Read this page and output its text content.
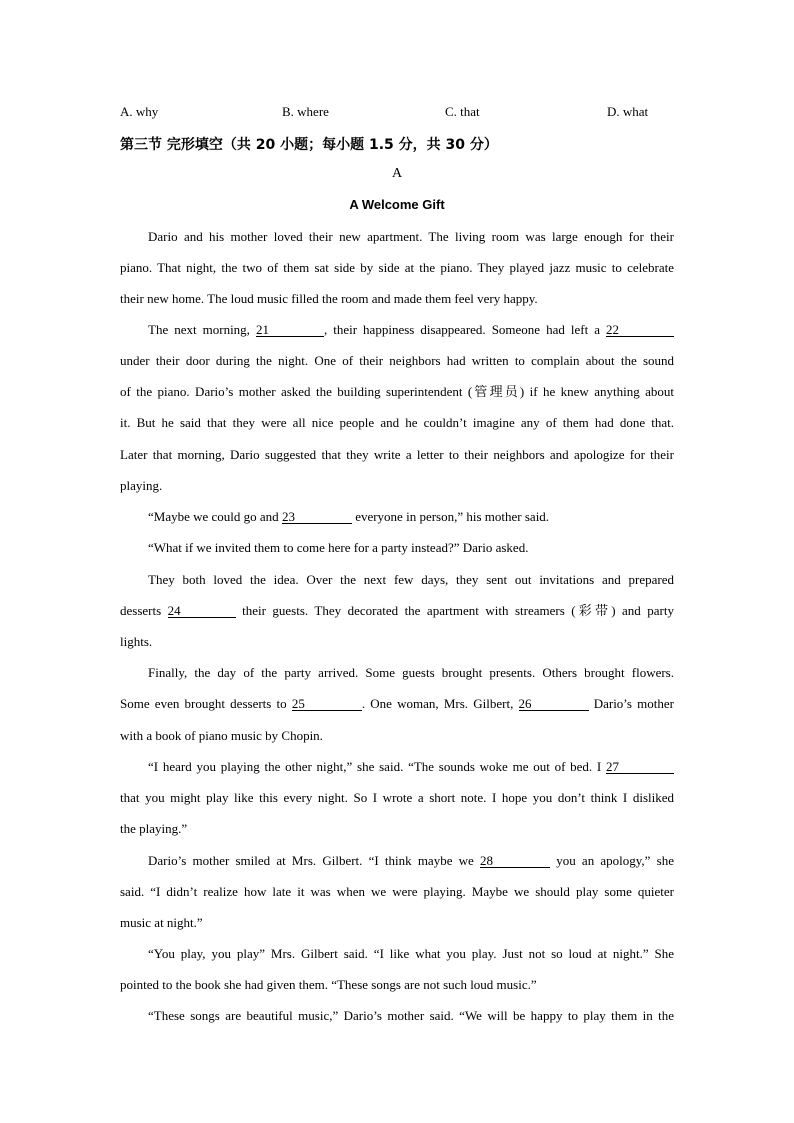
A. why	B. where	C. that	D. what
第三节 完形填空（共 20 小题；每小题 1.5 分，共 30 分）
A
A Welcome Gift
Dario and his mother loved their new apartment. The living room was large enough for their
piano. That night, the two of them sat side by side at the piano. They played jazz music to celebrate
their new home. The loud music filled the room and made them feel very happy.
The next morning, 21	, their happiness disappeared. Someone had left a 22
under their door during the night. One of their neighbors had written to complain about the sound
of the piano. Dario’s mother asked the building superintendent (管理员) if he knew anything about
it. But he said that they were all nice people and he couldn’t imagine any of them had done that.
Later that morning, Dario suggested that they write a letter to their neighbors and apologize for their
playing.
“Maybe we could go and 23	everyone in person,” his mother said.
“What if we invited them to come here for a party instead?” Dario asked.
They both loved the idea. Over the next few days, they sent out invitations and prepared
desserts 24	their guests. They decorated the apartment with streamers (彩带) and party
lights.
Finally, the day of the party arrived. Some guests brought presents. Others brought flowers.
Some even brought desserts to 25	. One woman, Mrs. Gilbert, 26	Dario’s mother
with a book of piano music by Chopin.
“I heard you playing the other night,” she said. “The sounds woke me out of bed. I 27
that you might play like this every night. So I wrote a short note. I hope you don’t think I disliked
the playing.”
Dario’s mother smiled at Mrs. Gilbert. “I think maybe we 28	you an apology,” she
said. “I didn’t realize how late it was when we were playing. Maybe we should play some quieter
music at night.”
“You play, you play” Mrs. Gilbert said. “I like what you play. Just not so loud at night.” She
pointed to the book she had given them. “These songs are not such loud music.”
“These songs are beautiful music,” Dario’s mother said. “We will be happy to play them in the
